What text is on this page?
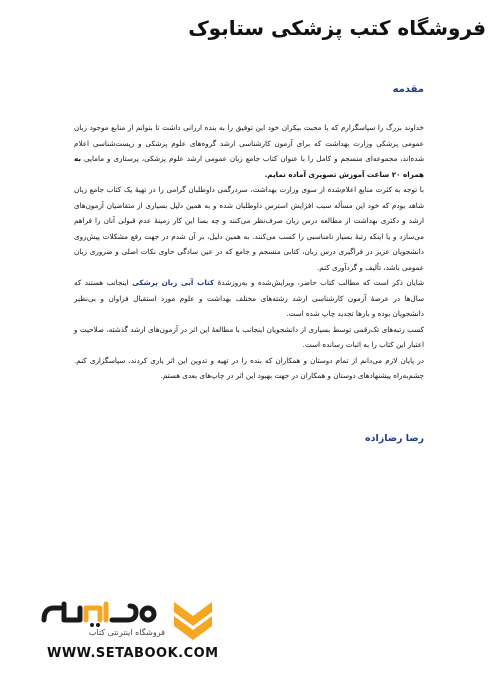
فروشگاه کتب پزشکی ستابوک
مقدمه

خداوند بزرگ را سپاسگزارم که با محبت بیکران خود این توفیق را به بنده ارزانی داشت تا بتوانم از منابع موجود زبان عمومی پزشکی وزارت بهداشت که برای آزمون کارشناسی ارشد گروه‌های علوم پزشکی و زیست‌شناسی اعلام شده‌اند، مجموعه‌ای منسجم و کامل را با عنوان کتاب جامع زبان عمومی ارشد علوم پزشکی، پرستاری و مامایی به همراه ۲۰ ساعت آموزش تصویری آماده تمایم.

با توجه به کثرت منابع اعلام‌شده از سوی وزارت بهداشت، سردرگمی داوطلبان گرامی را در تهیهٔ یک کتاب جامع زبان شاهد بودم که خود این مسأله سبب افزایش استرس داوطلبان شده و به همین دلیل بسیاری از متقاضیان آزمون‌های ارشد و دکتری بهداشت از مطالعه درس زبان صرف‌نظر می‌کنند و چه بسا این کار زمینهٔ عدم قبولی آنان را فراهم می‌سازد و یا اینکه رتبهٔ بسیار نامناسبی را کسب می‌کنند. به همین دلیل، بر آن شدم در جهت رفع مشکلات پیش‌روی دانشجویان عزیز در فراگیری درس زبان، کتابی منسجم و جامع که در عین سادگی حاوی نکات اصلی و ضروری زبان عمومی باشد، تألیف و گردآوری کنم.

شایان ذکر است که مطالب کتاب حاضر، ویرایش‌شده و به‌روزشدهٔ کتاب آبی زبان پزشکی اینجانب هستند که سال‌ها در عرصهٔ آزمون کارشناسی ارشد رشته‌های مختلف بهداشت و علوم مورد استقبال فراوان و بی‌نظیر دانشجویان بوده و بارها تجدید چاپ شده است.

کسب رتبه‌های تک‌رقمی توسط بسیاری از دانشجویان اینجانب با مطالعهٔ این اثر در آزمون‌های ارشد گذشته، صلاحیت و اعتبار این کتاب را به اثبات رسانده است.

در پایان لازم می‌دانم از تمام دوستان و همکاران که بنده را در تهیه و تدوین این اثر یاری کردند، سپاسگزاری کنم. چشم‌به‌راه پیشنهادهای دوستان و همکاران در جهت بهبود این اثر در چاپ‌های بعدی هستم.

رضا رضازاده
فروشگاه اینترنتی کتاب
WWW.SETABOOK.COM
